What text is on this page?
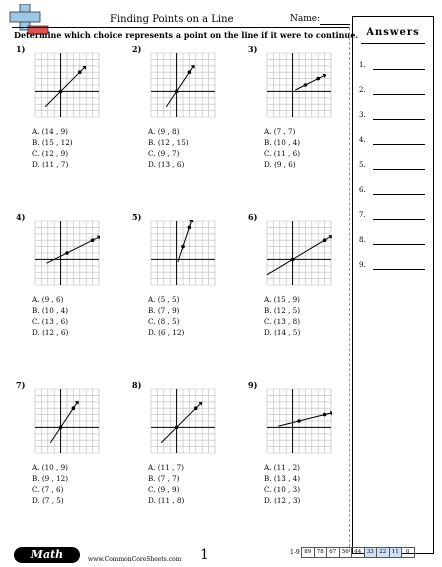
Finding Points on a Line	Name:
Determine which choice represents a point on the line if it were to continue. Answers
1.
2.
3.
4.
5.
6.
7.
8.
9.
1)
A. (14 , 9)
B. (15 , 12)
C. (12 , 9)
D. (11 , 7)
2)
A. (9 , 8)
B. (12 , 15)
C. (9 , 7)
D. (13 , 6)
3)
A. (7 , 7)
B. (10 , 4)
C. (11 , 6)
D. (9 , 6)
4)
A. (9 , 6)
B. (10 , 4)
C. (13 , 6)
D. (12 , 6)
5)
A. (5 , 5)
B. (7 , 9)
C. (8 , 5)
D. (6 , 12)
6)
A. (15 , 9)
B. (12 , 5)
C. (13 , 8)
D. (14 , 5)
7)
A. (10 , 9)
B. (9 , 12)
C. (7 , 6)
D. (7 , 5)
8)
A. (11 , 7)
B. (7 , 7)
C. (9 , 9)
D. (11 , 8)
9)
A. (11 , 2)
B. (13 , 4)
C. (10 , 3)
D. (12 , 3)
Math	www.CommonCoreSheets.com 1	1-9 89	78	67	56	44	33	22	11	0
